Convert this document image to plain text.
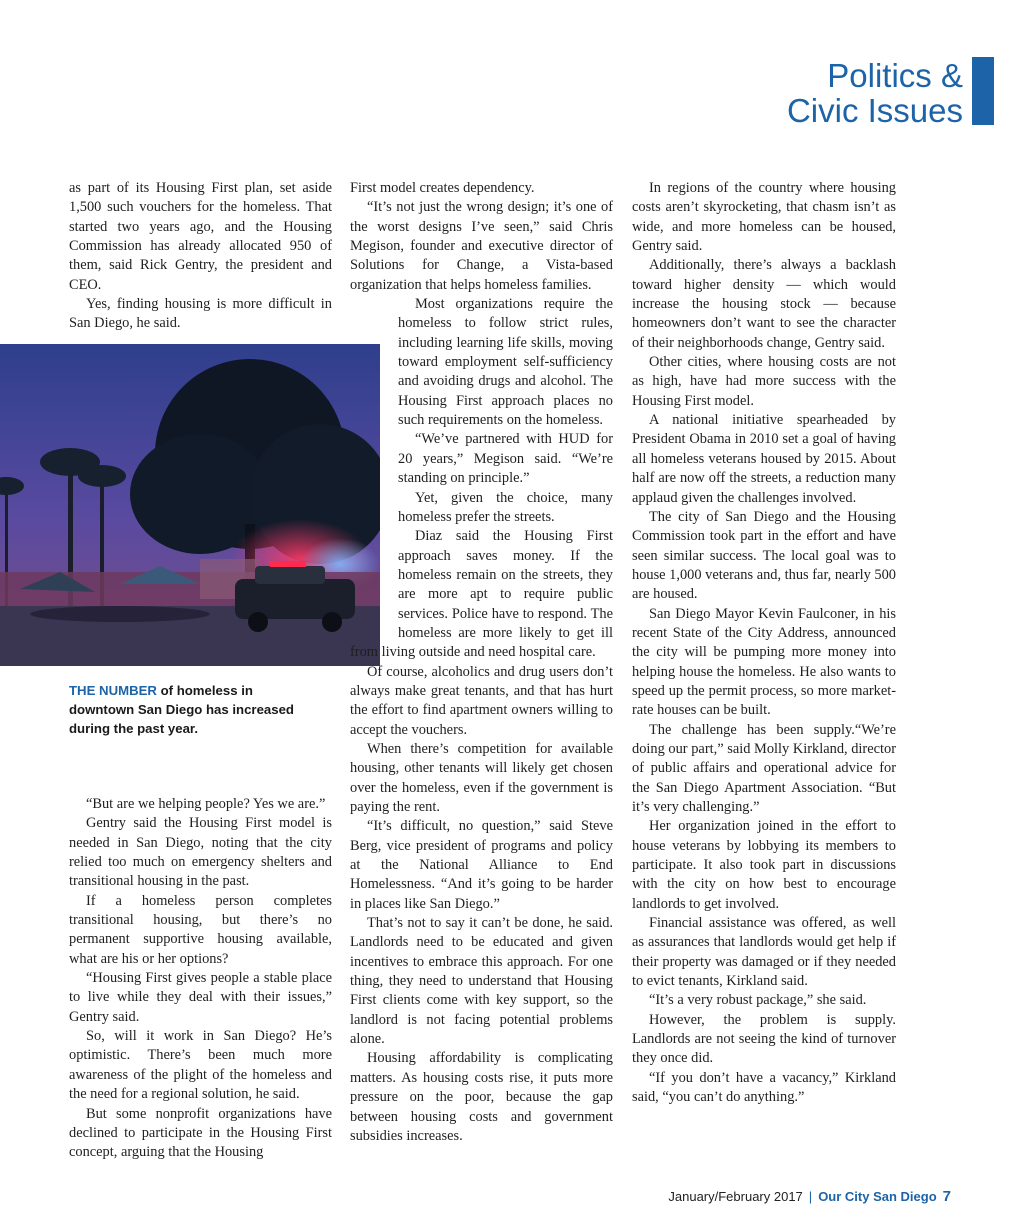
Politics &
Civic Issues

as part of its Housing First plan, set aside 1,500 such vouchers for the homeless. That started two years ago, and the Housing Commission has already allocated 950 of them, said Rick Gentry, the president and CEO.

Yes, finding housing is more difficult in San Diego, he said.

THE NUMBER of homeless in downtown San Diego has increased during the past year.

“But are we helping people? Yes we are.”

Gentry said the Housing First model is needed in San Diego, noting that the city relied too much on emergency shelters and transitional housing in the past.

If a homeless person completes transitional housing, but there’s no permanent supportive housing available, what are his or her options?

“Housing First gives people a stable place to live while they deal with their issues,” Gentry said.

So, will it work in San Diego? He’s optimistic. There’s been much more awareness of the plight of the homeless and the need for a regional solution, he said.

But some nonprofit organizations have declined to participate in the Housing First concept, arguing that the Housing

First model creates dependency.

“It’s not just the wrong design; it’s one of the worst designs I’ve seen,” said Chris Megison, founder and executive director of Solutions for Change, a Vista-based organization that helps homeless families.

Most organizations require the homeless to follow strict rules, including learning life skills, moving toward employment self-sufficiency and avoiding drugs and alcohol. The Housing First approach places no such requirements on the homeless.

“We’ve partnered with HUD for 20 years,” Megison said. “We’re standing on principle.”

Yet, given the choice, many homeless prefer the streets.

Diaz said the Housing First approach saves money. If the homeless remain on the streets, they are more apt to require public services. Police have to respond. The homeless are more likely to get ill from living outside and need hospital care.

Of course, alcoholics and drug users don’t always make great tenants, and that has hurt the effort to find apartment owners willing to accept the vouchers.

When there’s competition for available housing, other tenants will likely get chosen over the homeless, even if the government is paying the rent.

“It’s difficult, no question,” said Steve Berg, vice president of programs and policy at the National Alliance to End Homelessness. “And it’s going to be harder in places like San Diego.”

That’s not to say it can’t be done, he said. Landlords need to be educated and given incentives to embrace this approach. For one thing, they need to understand that Housing First clients come with key support, so the landlord is not facing potential problems alone.

Housing affordability is complicating matters. As housing costs rise, it puts more pressure on the poor, because the gap between housing costs and government subsidies increases.

In regions of the country where housing costs aren’t skyrocketing, that chasm isn’t as wide, and more homeless can be housed, Gentry said.

Additionally, there’s always a backlash toward higher density — which would increase the housing stock — because homeowners don’t want to see the character of their neighborhoods change, Gentry said.

Other cities, where housing costs are not as high, have had more success with the Housing First model.

A national initiative spearheaded by President Obama in 2010 set a goal of having all homeless veterans housed by 2015. About half are now off the streets, a reduction many applaud given the challenges involved.

The city of San Diego and the Housing Commission took part in the effort and have seen similar success. The local goal was to house 1,000 veterans and, thus far, nearly 500 are housed.

San Diego Mayor Kevin Faulconer, in his recent State of the City Address, announced the city will be pumping more money into helping house the homeless. He also wants to speed up the permit process, so more market-rate houses can be built.

The challenge has been supply.“We’re doing our part,” said Molly Kirkland, director of public affairs and operational advice for the San Diego Apartment Association. “But it’s very challenging.”

Her organization joined in the effort to house veterans by lobbying its members to participate. It also took part in discussions with the city on how best to encourage landlords to get involved.

Financial assistance was offered, as well as assurances that landlords would get help if their property was damaged or if they needed to evict tenants, Kirkland said.

“It’s a very robust package,” she said.

However, the problem is supply. Landlords are not seeing the kind of turnover they once did.

“If you don’t have a vacancy,” Kirkland said, “you can’t do anything.”

January/February 2017 | Our City San Diego 7
